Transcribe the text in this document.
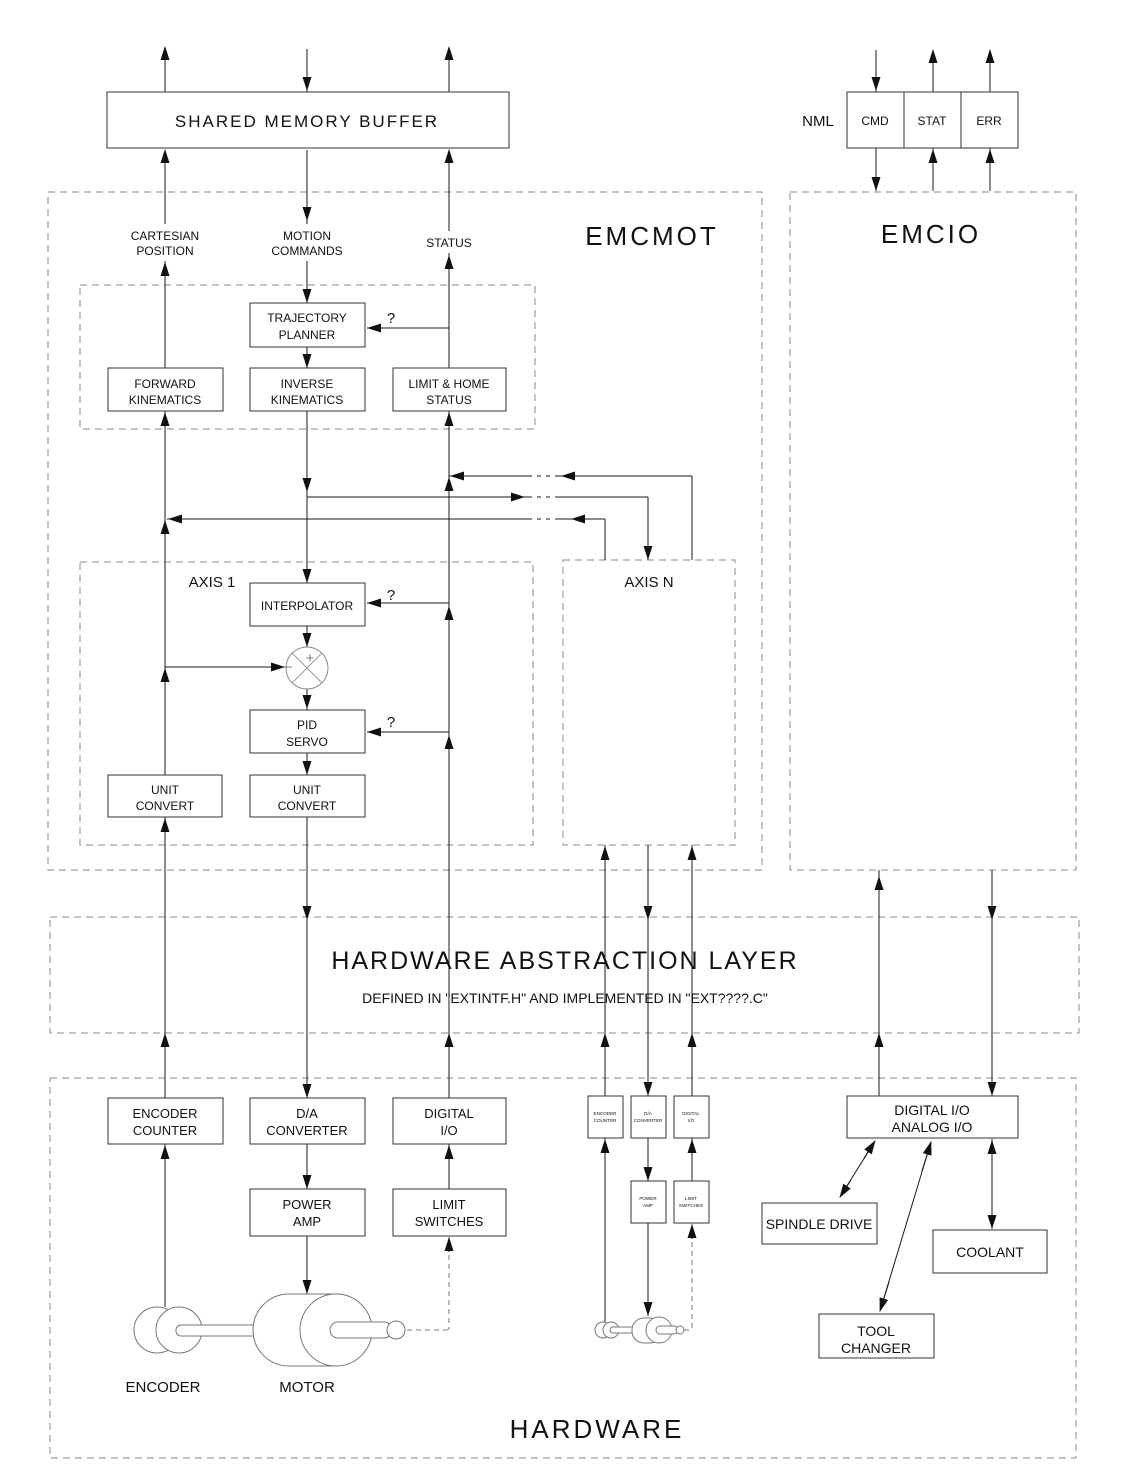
+
−
SHARED MEMORY BUFFER	NML CMD STAT ERR
EMCMOT	EMCIO
CARTESIAN
POSITION
MOTION
COMMANDS
STATUS
TRAJECTORY
PLANNER
?
FORWARD
KINEMATICS
INVERSE
KINEMATICS
LIMIT & HOME
STATUS
AXIS 1	AXIS N
INTERPOLATOR
?
PID
SERVO
?
UNIT
CONVERT
UNIT
CONVERT
HARDWARE ABSTRACTION LAYER
DEFINED IN "EXTINTF.H" AND IMPLEMENTED IN "EXT????.C"
ENCODER
COUNTER
D/A
CONVERTER
DIGITAL
I/O
POWER
AMP
LIMIT
SWITCHES
ENCODER
COUNTER
D/A
CONVERTER
DIGITAL
I/O
POWER
AMP
LIMIT
SWITCHES
DIGITAL I/O
ANALOG I/O
SPINDLE DRIVE
COOLANT
TOOL
CHANGER
ENCODER	MOTOR
HARDWARE
